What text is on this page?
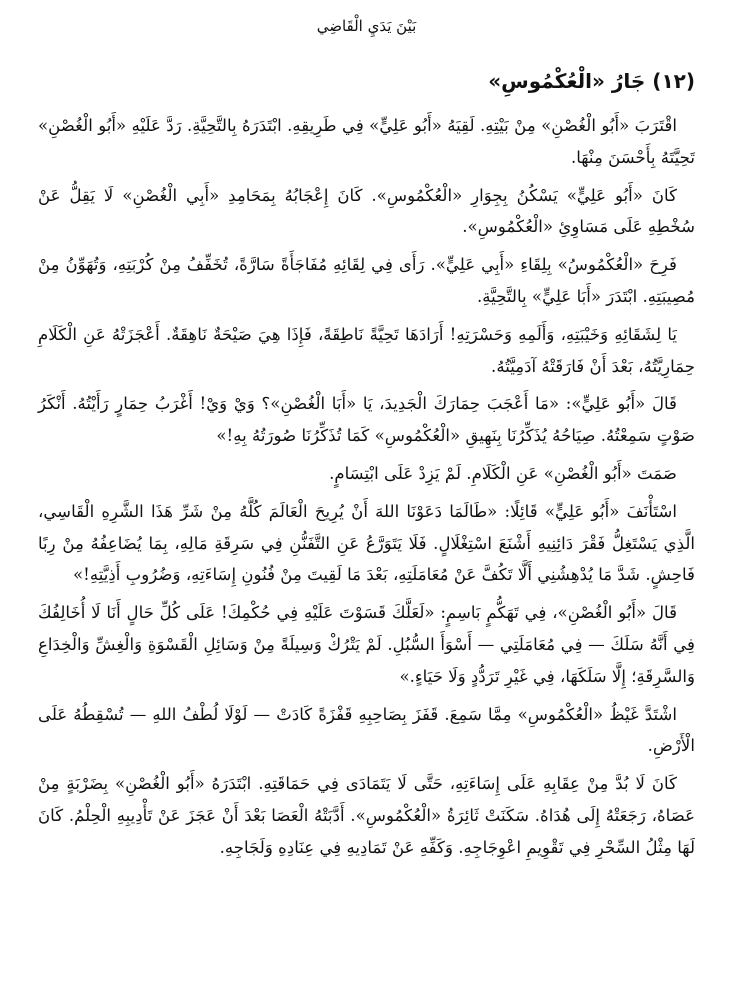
بَيْنَ يَدَيِ الْقَاضِي
(١٢) جَارُ «الْعُكْمُوسِ»

اقْتَرَبَ «أَبُو الْغُصْنِ» مِنْ بَيْتِهِ. لَقِيَهُ «أَبُو عَلِيٍّ» فِي طَرِيقِهِ. ابْتَدَرَهُ بِالتَّحِيَّةِ. رَدَّ عَلَيْهِ «أَبُو الْغُصْنِ» تَحِيَّتَهُ بِأَحْسَنَ مِنْهَا.

كَانَ «أَبُو عَلِيٍّ» يَسْكُنُ بِجِوَارِ «الْعُكْمُوسِ». كَانَ إِعْجَابُهُ بِمَحَامِدِ «أَبِي الْغُصْنِ» لَا يَقِلُّ عَنْ سُخْطِهِ عَلَى مَسَاوِئِ «الْعُكْمُوسِ».

فَرِحَ «الْعُكْمُوسُ» بِلِقَاءِ «أَبِي عَلِيٍّ». رَأَى فِي لِقَائِهِ مُفَاجَأَةً سَارَّةً، تُخَفِّفُ مِنْ كُرْبَتِهِ، وَتُهَوِّنُ مِنْ مُصِيبَتِهِ. ابْتَدَرَ «أَبَا عَلِيٍّ» بِالتَّحِيَّةِ.

يَا لِشَقَائِهِ وَخَيْبَتِهِ، وَأَلَمِهِ وَحَسْرَتِهِ! أَرَادَهَا تَحِيَّةً نَاطِقَةً، فَإِذَا هِيَ صَيْحَةٌ نَاهِقَةٌ. أَعْجَزَتْهُ عَنِ الْكَلَامِ حِمَارِيَّتُهُ، بَعْدَ أَنْ فَارَقَتْهُ آدَمِيَّتُهُ.

قَالَ «أَبُو عَلِيٍّ»: «مَا أَعْجَبَ حِمَارَكَ الْجَدِيدَ، يَا «أَبَا الْغُصْنِ»؟ وَيْ وَيْ! أَغْرَبُ حِمَارٍ رَأَيْتُهُ. أَنْكَرُ صَوْتٍ سَمِعْتُهُ. صِيَاحُهُ يُذَكِّرُنَا بِنَهِيقِ «الْعُكْمُوسِ» كَمَا تُذَكِّرُنَا صُورَتُهُ بِهِ!»

صَمَتَ «أَبُو الْغُصْنِ» عَنِ الْكَلَامِ. لَمْ يَزِدْ عَلَى ابْتِسَامٍ.

اسْتَأْنَفَ «أَبُو عَلِيٍّ» قَائِلًا: «طَالَمَا دَعَوْنَا اللهَ أَنْ يُرِيحَ الْعَالَمَ كُلَّهُ مِنْ شَرِّ هَذَا الشَّرِهِ الْقَاسِي، الَّذِي يَسْتَغِلُّ فَقْرَ دَائِنِيهِ أَشْنَعَ اسْتِغْلَالٍ. فَلَا يَتَوَرَّعُ عَنِ التَّفَنُّنِ فِي سَرِقَةِ مَالِهِ، بِمَا يُضَاعِفُهُ مِنْ رِبًا فَاحِشٍ. شَدَّ مَا يُدْهِشُنِي أَلَّا تَكُفَّ عَنْ مُعَامَلَتِهِ، بَعْدَ مَا لَقِيتَ مِنْ فُنُونِ إِسَاءَتِهِ، وَضُرُوبِ أَذِيَّتِهِ!»

قَالَ «أَبُو الْغُصْنِ»، فِي تَهَكُّمٍ بَاسِمٍ: «لَعَلَّكَ قَسَوْتَ عَلَيْهِ فِي حُكْمِكَ! عَلَى كُلِّ حَالٍ أَنَا لَا أُخَالِفُكَ فِي أَنَّهُ سَلَكَ — فِي مُعَامَلَتِي — أَسْوَأَ السُّبُلِ. لَمْ يَتْرُكْ وَسِيلَةً مِنْ وَسَائِلِ الْقَسْوَةِ وَالْغِشِّ وَالْخِدَاعِ وَالسَّرِقَةِ؛ إِلَّا سَلَكَهَا، فِي غَيْرِ تَرَدُّدٍ وَلَا حَيَاءٍ.»

اشْتَدَّ غَيْظُ «الْعُكْمُوسِ» مِمَّا سَمِعَ. قَفَزَ بِصَاحِبِهِ قَفْزَةً كَادَتْ — لَوْلَا لُطْفُ اللهِ — تُسْقِطُهُ عَلَى الْأَرْضِ.

كَانَ لَا بُدَّ مِنْ عِقَابِهِ عَلَى إِسَاءَتِهِ، حَتَّى لَا يَتَمَادَى فِي حَمَاقَتِهِ. ابْتَدَرَهُ «أَبُو الْغُصْنِ» بِضَرْبَةٍ مِنْ عَصَاهُ، رَجَعَتْهُ إِلَى هُدَاهُ. سَكَنَتْ ثَائِرَةُ «الْعُكْمُوسِ». أَدَّبَتْهُ الْعَصَا بَعْدَ أَنْ عَجَزَ عَنْ تَأْدِيبِهِ الْحِلْمُ. كَانَ لَهَا مِثْلُ السِّحْرِ فِي تَقْوِيمِ اعْوِجَاجِهِ. وَكَفِّهِ عَنْ تَمَادِيهِ فِي عِنَادِهِ وَلَجَاجِهِ.
